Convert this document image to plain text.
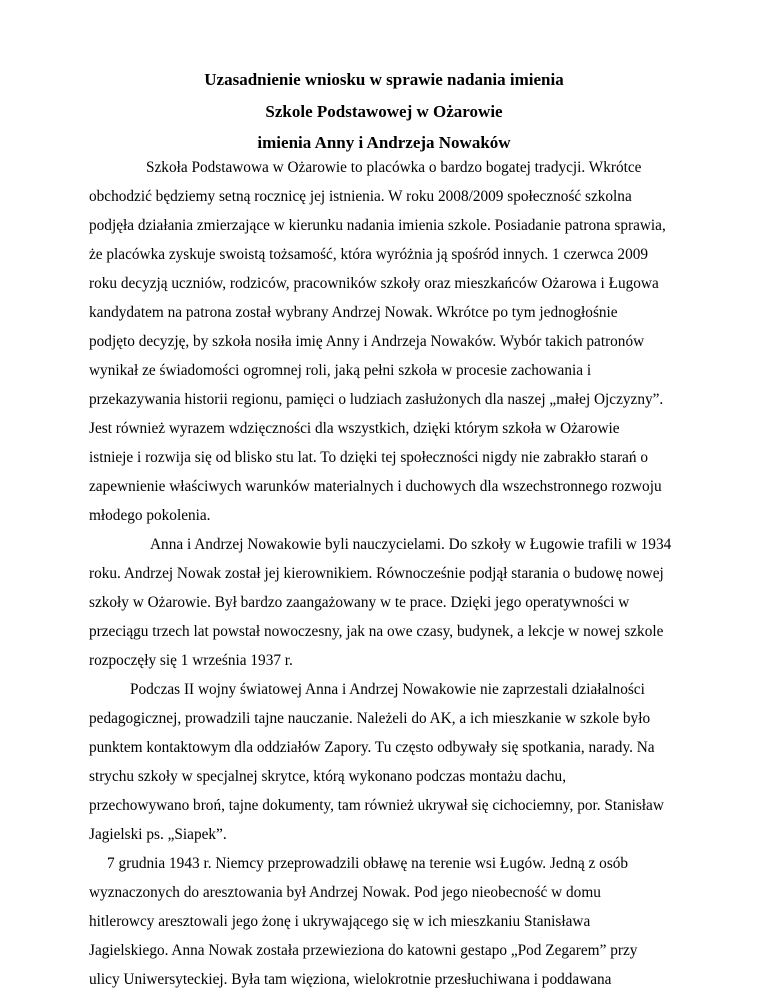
Uzasadnienie wniosku w sprawie nadania imienia
Szkole Podstawowej w Ożarowie
imienia Anny i Andrzeja Nowaków
Szkoła Podstawowa w Ożarowie to placówka o bardzo bogatej tradycji. Wkrótce
obchodzić będziemy setną rocznicę jej istnienia. W roku 2008/2009 społeczność szkolna
podjęła działania zmierzające w kierunku nadania imienia szkole. Posiadanie patrona sprawia,
że placówka zyskuje swoistą tożsamość, która wyróżnia ją spośród innych. 1 czerwca 2009
roku decyzją uczniów, rodziców, pracowników szkoły oraz mieszkańców Ożarowa i Ługowa
kandydatem na patrona został wybrany Andrzej Nowak. Wkrótce po tym jednogłośnie
podjęto decyzję, by szkoła nosiła imię Anny i Andrzeja Nowaków. Wybór takich patronów
wynikał ze świadomości ogromnej roli, jaką pełni szkoła w procesie zachowania i
przekazywania historii regionu, pamięci o ludziach zasłużonych dla naszej „małej Ojczyzny”.
Jest również wyrazem wdzięczności dla wszystkich, dzięki którym szkoła w Ożarowie
istnieje i rozwija się od blisko stu lat. To dzięki tej społeczności nigdy nie zabrakło starań o
zapewnienie właściwych warunków materialnych i duchowych dla wszechstronnego rozwoju
młodego pokolenia.
Anna i Andrzej Nowakowie byli nauczycielami. Do szkoły w Ługowie trafili w 1934
roku. Andrzej Nowak został jej kierownikiem. Równocześnie podjął starania o budowę nowej
szkoły w Ożarowie. Był bardzo zaangażowany w te prace. Dzięki jego operatywności w
przeciągu trzech lat powstał nowoczesny, jak na owe czasy, budynek, a lekcje w nowej szkole
rozpoczęły się 1 września 1937 r.
Podczas II wojny światowej Anna i Andrzej Nowakowie nie zaprzestali działalności
pedagogicznej, prowadzili tajne nauczanie. Należeli do AK, a ich mieszkanie w szkole było
punktem kontaktowym dla oddziałów Zapory. Tu często odbywały się spotkania, narady. Na
strychu szkoły w specjalnej skrytce, którą wykonano podczas montażu dachu,
przechowywano broń, tajne dokumenty, tam również ukrywał się cichociemny, por. Stanisław
Jagielski ps. „Siapek”.
7 grudnia 1943 r. Niemcy przeprowadzili obławę na terenie wsi Ługów. Jedną z osób
wyznaczonych do aresztowania był Andrzej Nowak. Pod jego nieobecność w domu
hitlerowcy aresztowali jego żonę i ukrywającego się w ich mieszkaniu Stanisława
Jagielskiego. Anna Nowak została przewieziona do katowni gestapo „Pod Zegarem” przy
ulicy Uniwersyteckiej. Była tam więziona, wielokrotnie przesłuchiwana i poddawana
